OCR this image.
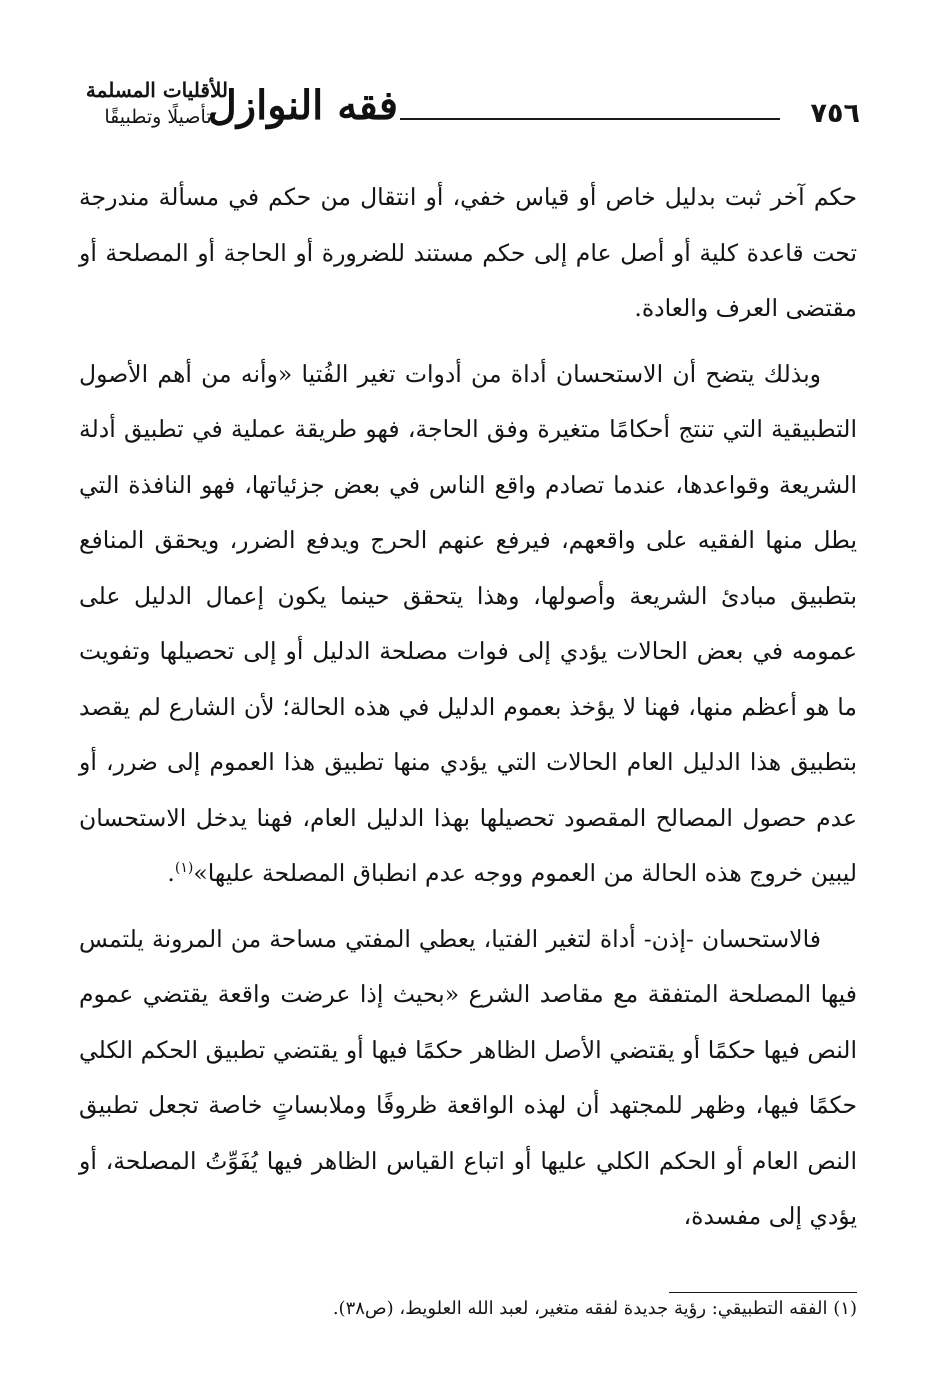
٧٥٦
فقه النوازل
للأقليات المسلمة
تأصيلًا وتطبيقًا

حكم آخر ثبت بدليل خاص أو قياس خفي، أو انتقال من حكم في مسألة مندرجة تحت قاعدة كلية أو أصل عام إلى حكم مستند للضرورة أو الحاجة أو المصلحة أو مقتضى العرف والعادة.

وبذلك يتضح أن الاستحسان أداة من أدوات تغير الفُتيا «وأنه من أهم الأصول التطبيقية التي تنتج أحكامًا متغيرة وفق الحاجة، فهو طريقة عملية في تطبيق أدلة الشريعة وقواعدها، عندما تصادم واقع الناس في بعض جزئياتها، فهو النافذة التي يطل منها الفقيه على واقعهم، فيرفع عنهم الحرج ويدفع الضرر، ويحقق المنافع بتطبيق مبادئ الشريعة وأصولها، وهذا يتحقق حينما يكون إعمال الدليل على عمومه في بعض الحالات يؤدي إلى فوات مصلحة الدليل أو إلى تحصيلها وتفويت ما هو أعظم منها، فهنا لا يؤخذ بعموم الدليل في هذه الحالة؛ لأن الشارع لم يقصد بتطبيق هذا الدليل العام الحالات التي يؤدي منها تطبيق هذا العموم إلى ضرر، أو عدم حصول المصالح المقصود تحصيلها بهذا الدليل العام، فهنا يدخل الاستحسان ليبين خروج هذه الحالة من العموم ووجه عدم انطباق المصلحة عليها»$^{(١)}$.

فالاستحسان -إذن- أداة لتغير الفتيا، يعطي المفتي مساحة من المرونة يلتمس فيها المصلحة المتفقة مع مقاصد الشرع «بحيث إذا عرضت واقعة يقتضي عموم النص فيها حكمًا أو يقتضي الأصل الظاهر حكمًا فيها أو يقتضي تطبيق الحكم الكلي حكمًا فيها، وظهر للمجتهد أن لهذه الواقعة ظروفًا وملابساتٍ خاصة تجعل تطبيق النص العام أو الحكم الكلي عليها أو اتباع القياس الظاهر فيها يُفَوِّتُ المصلحة، أو يؤدي إلى مفسدة،

(١) الفقه التطبيقي: رؤية جديدة لفقه متغير، لعبد الله العلويط، (ص٣٨).
